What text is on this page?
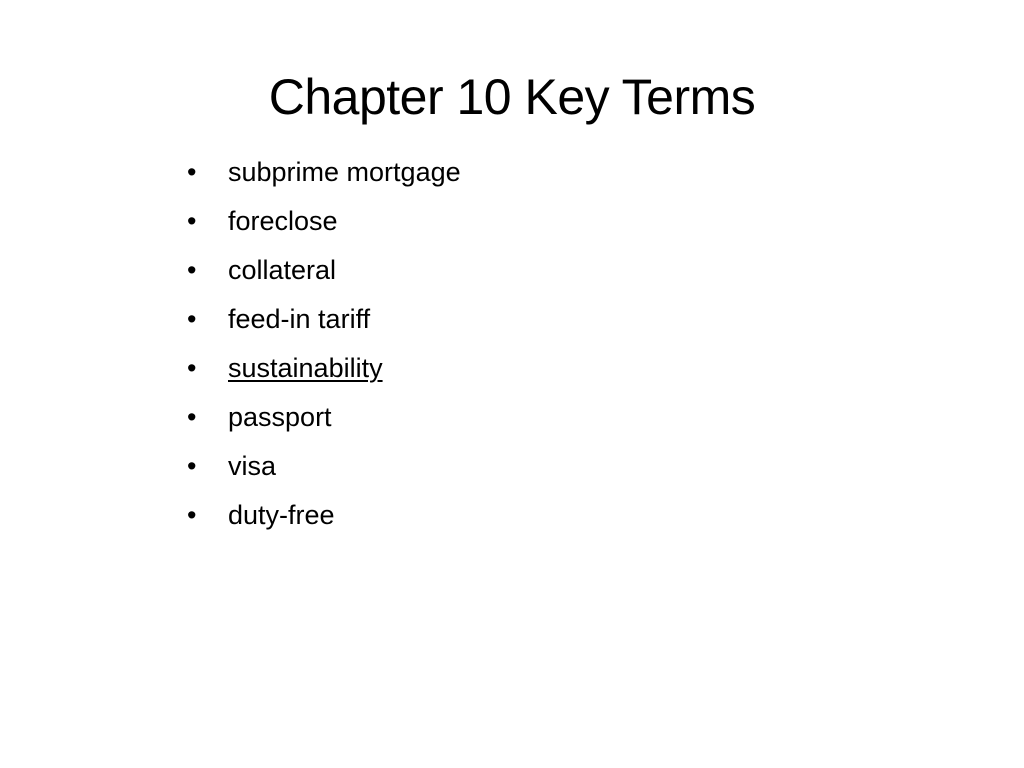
Chapter 10 Key Terms
• subprime mortgage
• foreclose
• collateral
• feed-in tariff
• sustainability
• passport
• visa
• duty-free
